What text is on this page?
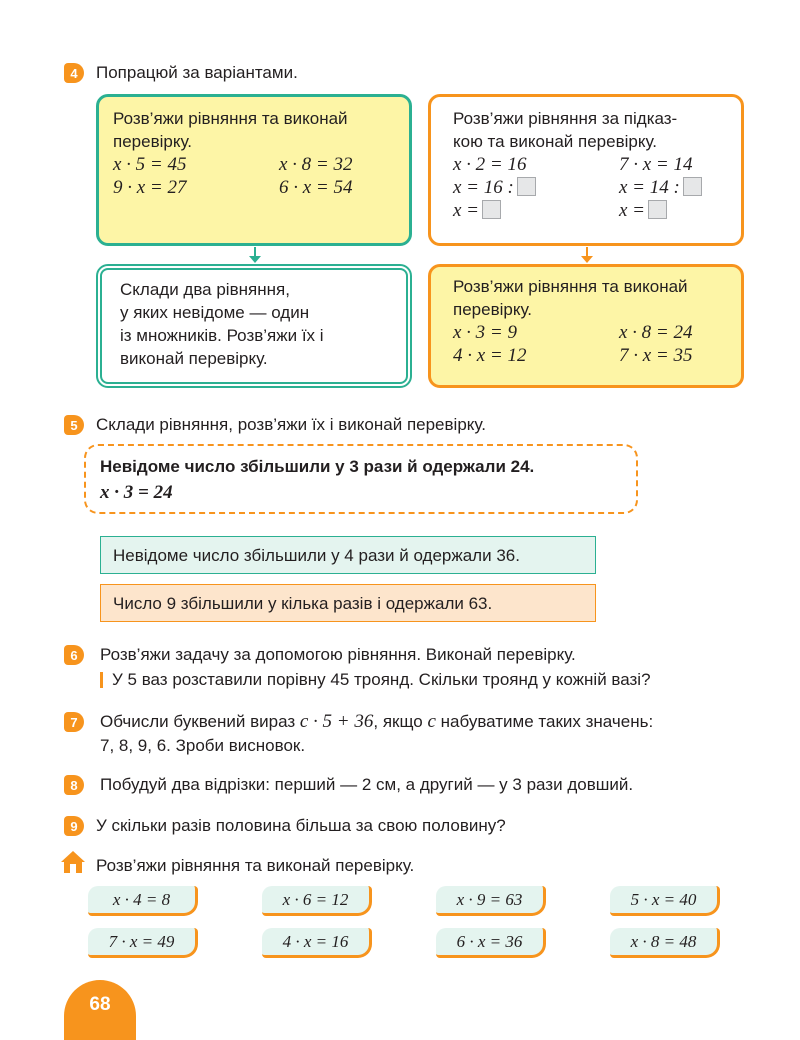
4	Попрацюй за варіантами.
Розв’яжи рівняння та виконай
перевірку.
x · 5 = 45	x · 8 = 32
9 · x = 27	6 · x = 54
Склади два рівняння,
у яких невідоме — один
із множників. Розв’яжи їх і
виконай перевірку.
Розв’яжи рівняння за підказ-
кою та виконай перевірку.
x · 2 = 16	7 · x = 14
x = 16 :	x = 14 :
x =	x =
Розв’яжи рівняння та виконай
перевірку.
x · 3 = 9	x · 8 = 24
4 · x = 12	7 · x = 35
5	Склади рівняння, розв’яжи їх і виконай перевірку.
Невідоме число збільшили у 3 рази й одержали 24.
x · 3 = 24
Невідоме число збільшили у 4 рази й одержали 36.
Число 9 збільшили у кілька разів і одержали 63.
6	Розв’яжи задачу за допомогою рівняння. Виконай перевірку.
У 5 ваз розставили порівну 45 троянд. Скільки троянд у кожній вазі?
7	Обчисли буквений вираз c · 5 + 36, якщо c набуватиме таких значень:
7, 8, 9, 6. Зроби висновок.
8	Побудуй два відрізки: перший — 2 см, а другий — у 3 рази довший.
9	У скільки разів половина більша за свою половину?
Розв’яжи рівняння та виконай перевірку.
x · 4 = 8	x · 6 = 12	x · 9 = 63	5 · x = 40
7 · x = 49	4 · x = 16	6 · x = 36	x · 8 = 48
68
